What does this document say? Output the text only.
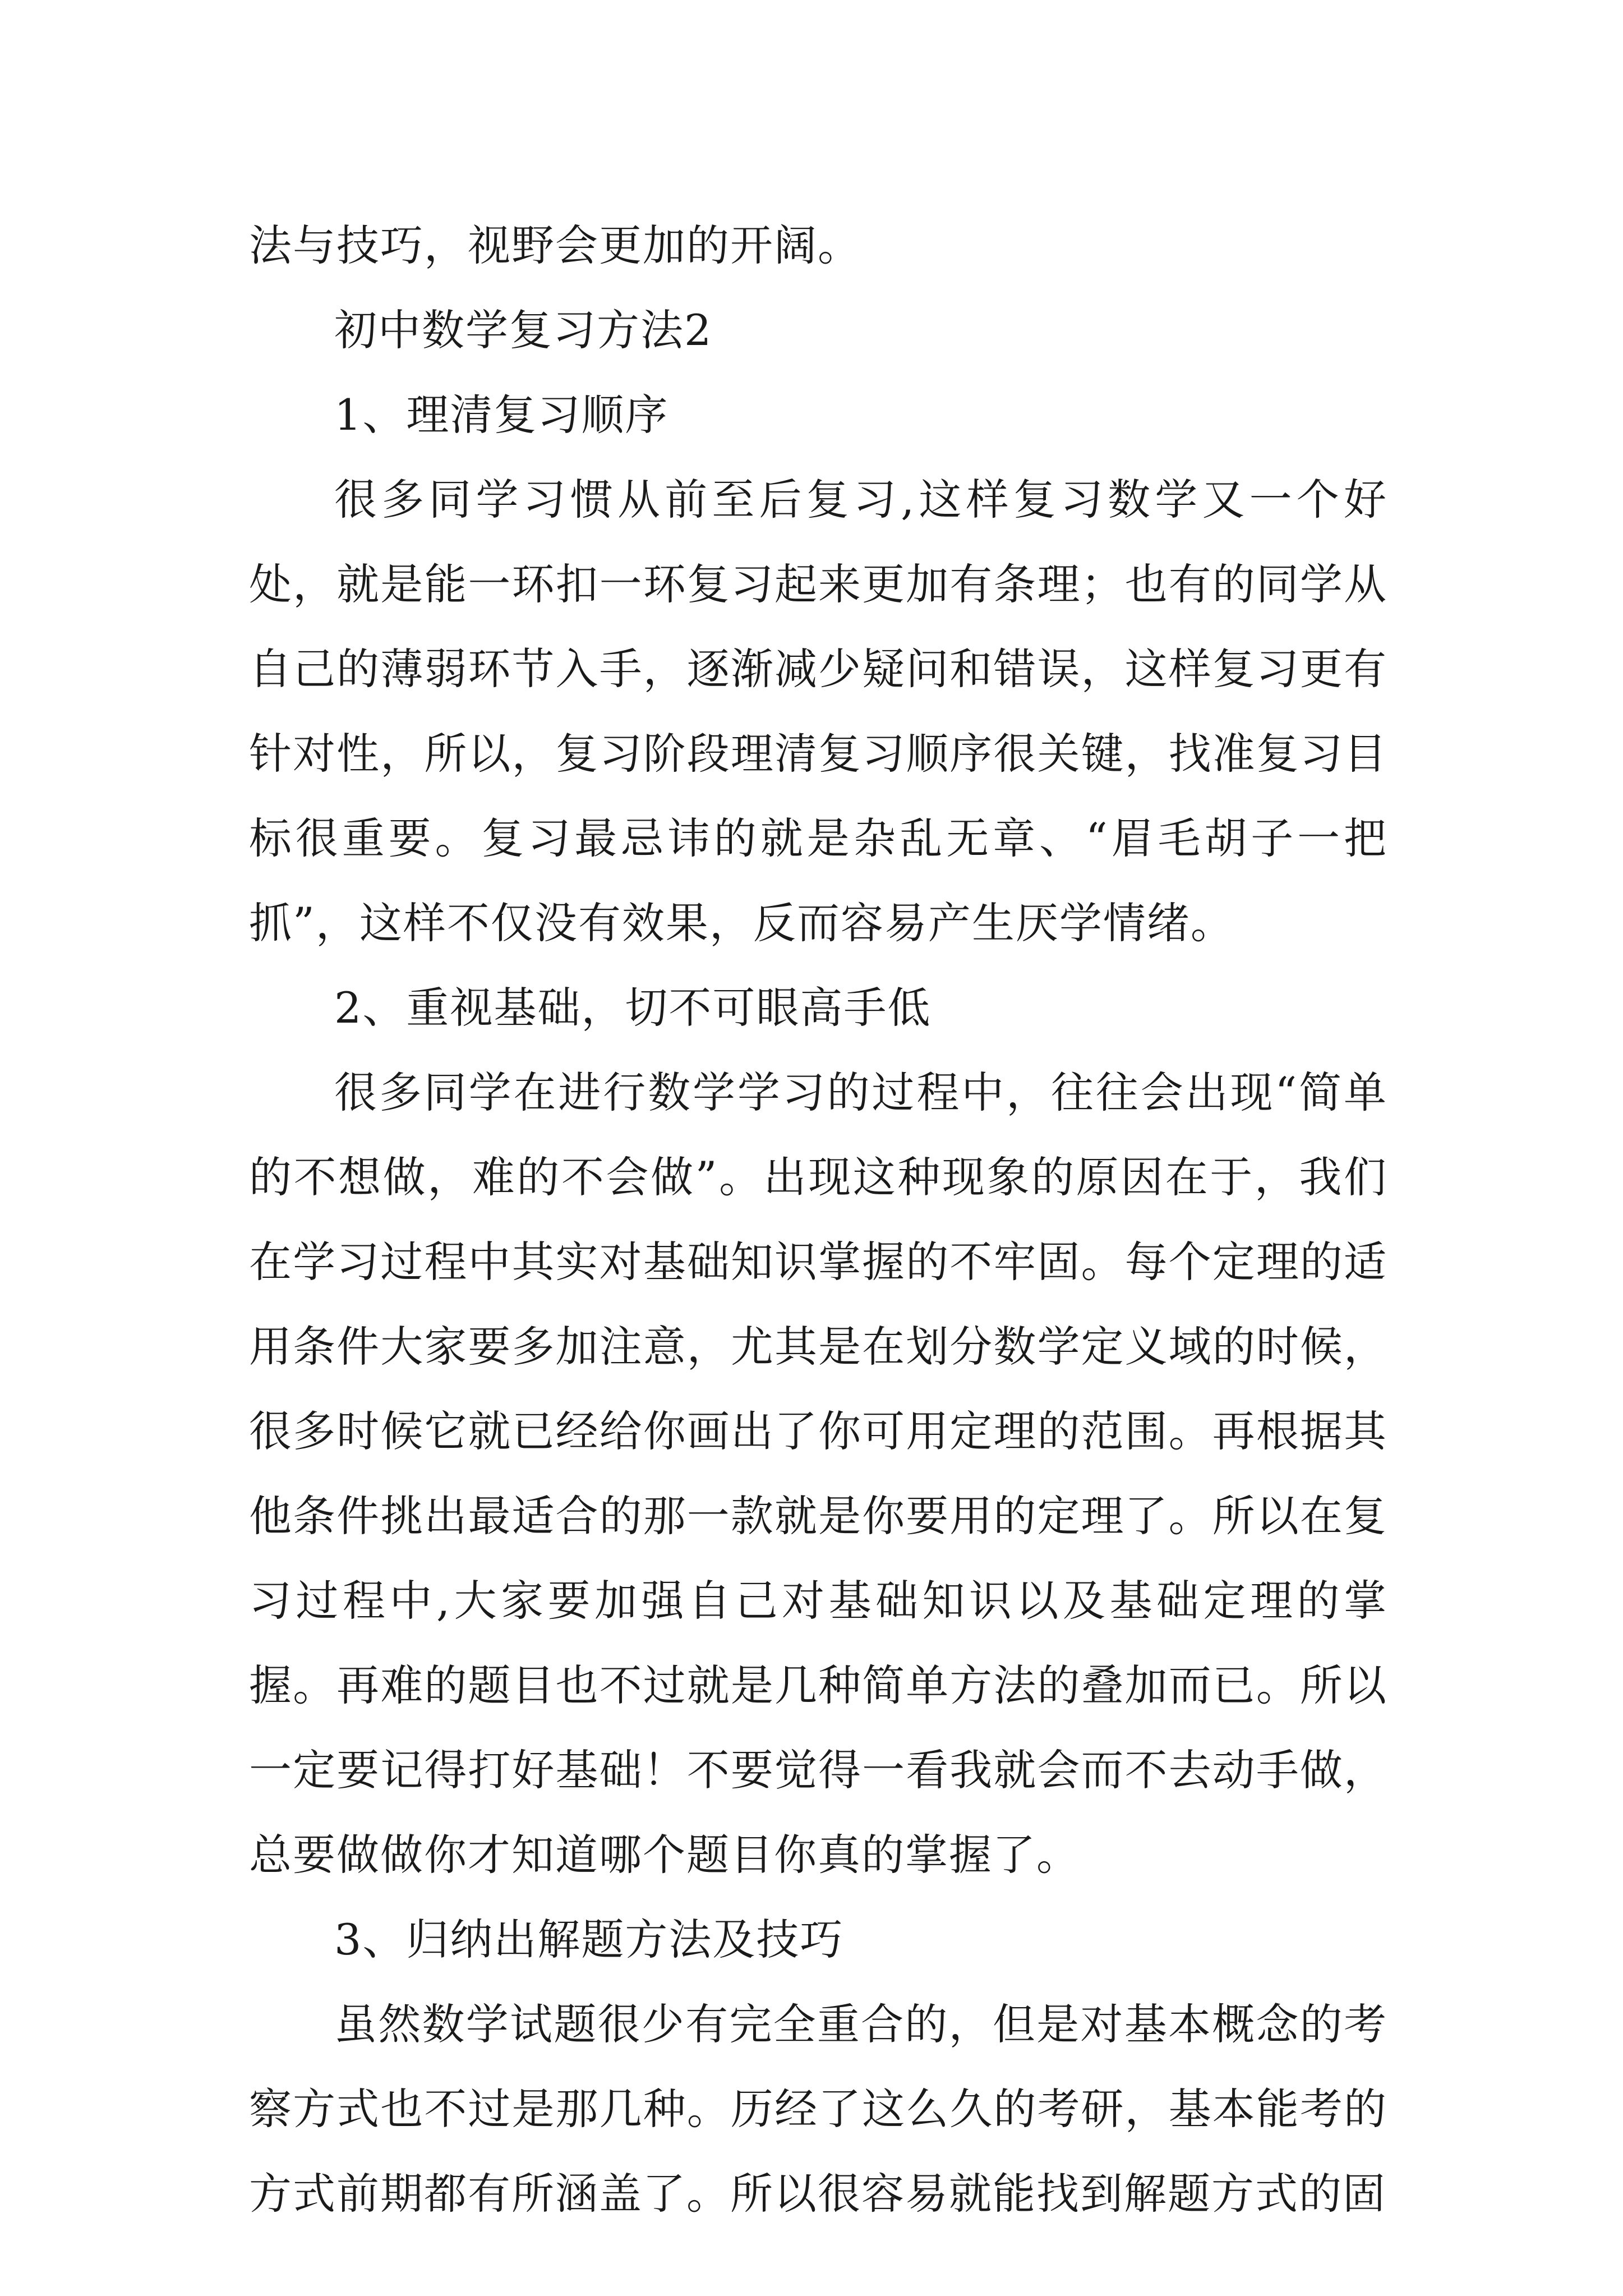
法与技巧，视野会更加的开阔。

初中数学复习方法2

1、理清复习顺序

很多同学习惯从前至后复习,这样复习数学又一个好处，就是能一环扣一环复习起来更加有条理；也有的同学从自己的薄弱环节入手，逐渐减少疑问和错误，这样复习更有针对性，所以，复习阶段理清复习顺序很关键，找准复习目标很重要。复习最忌讳的就是杂乱无章、“眉毛胡子一把抓”，这样不仅没有效果，反而容易产生厌学情绪。

2、重视基础，切不可眼高手低

很多同学在进行数学学习的过程中，往往会出现“简单的不想做，难的不会做”。出现这种现象的原因在于，我们在学习过程中其实对基础知识掌握的不牢固。每个定理的适用条件大家要多加注意，尤其是在划分数学定义域的时候，很多时候它就已经给你画出了你可用定理的范围。再根据其他条件挑出最适合的那一款就是你要用的定理了。所以在复习过程中,大家要加强自己对基础知识以及基础定理的掌握。再难的题目也不过就是几种简单方法的叠加而已。所以一定要记得打好基础！不要觉得一看我就会而不去动手做，总要做做你才知道哪个题目你真的掌握了。

3、归纳出解题方法及技巧

虽然数学试题很少有完全重合的，但是对基本概念的考察方式也不过是那几种。历经了这么久的考研，基本能考的方式前期都有所涵盖了。所以很容易就能找到解题方式的固
